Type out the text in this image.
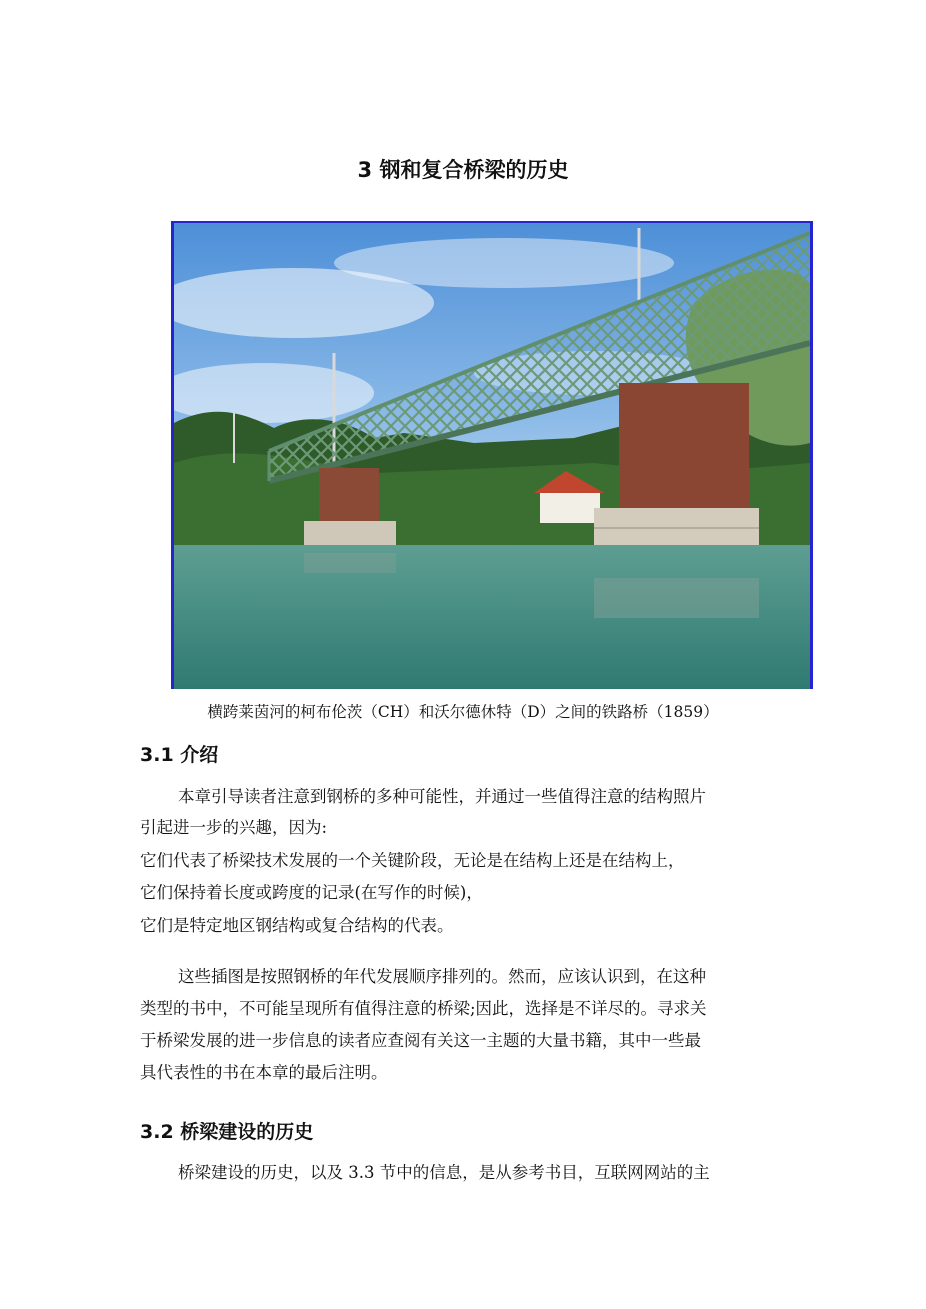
3 钢和复合桥梁的历史
横跨莱茵河的柯布伦茨（CH）和沃尔德休特（D）之间的铁路桥（1859）
3.1 介绍
本章引导读者注意到钢桥的多种可能性，并通过一些值得注意的结构照片
引起进一步的兴趣，因为:
它们代表了桥梁技术发展的一个关键阶段，无论是在结构上还是在结构上，
它们保持着长度或跨度的记录(在写作的时候)，
它们是特定地区钢结构或复合结构的代表。
这些插图是按照钢桥的年代发展顺序排列的。然而，应该认识到，在这种
类型的书中，不可能呈现所有值得注意的桥梁;因此，选择是不详尽的。寻求关
于桥梁发展的进一步信息的读者应查阅有关这一主题的大量书籍，其中一些最
具代表性的书在本章的最后注明。
3.2 桥梁建设的历史
桥梁建设的历史，以及 3.3 节中的信息，是从参考书目，互联网网站的主
